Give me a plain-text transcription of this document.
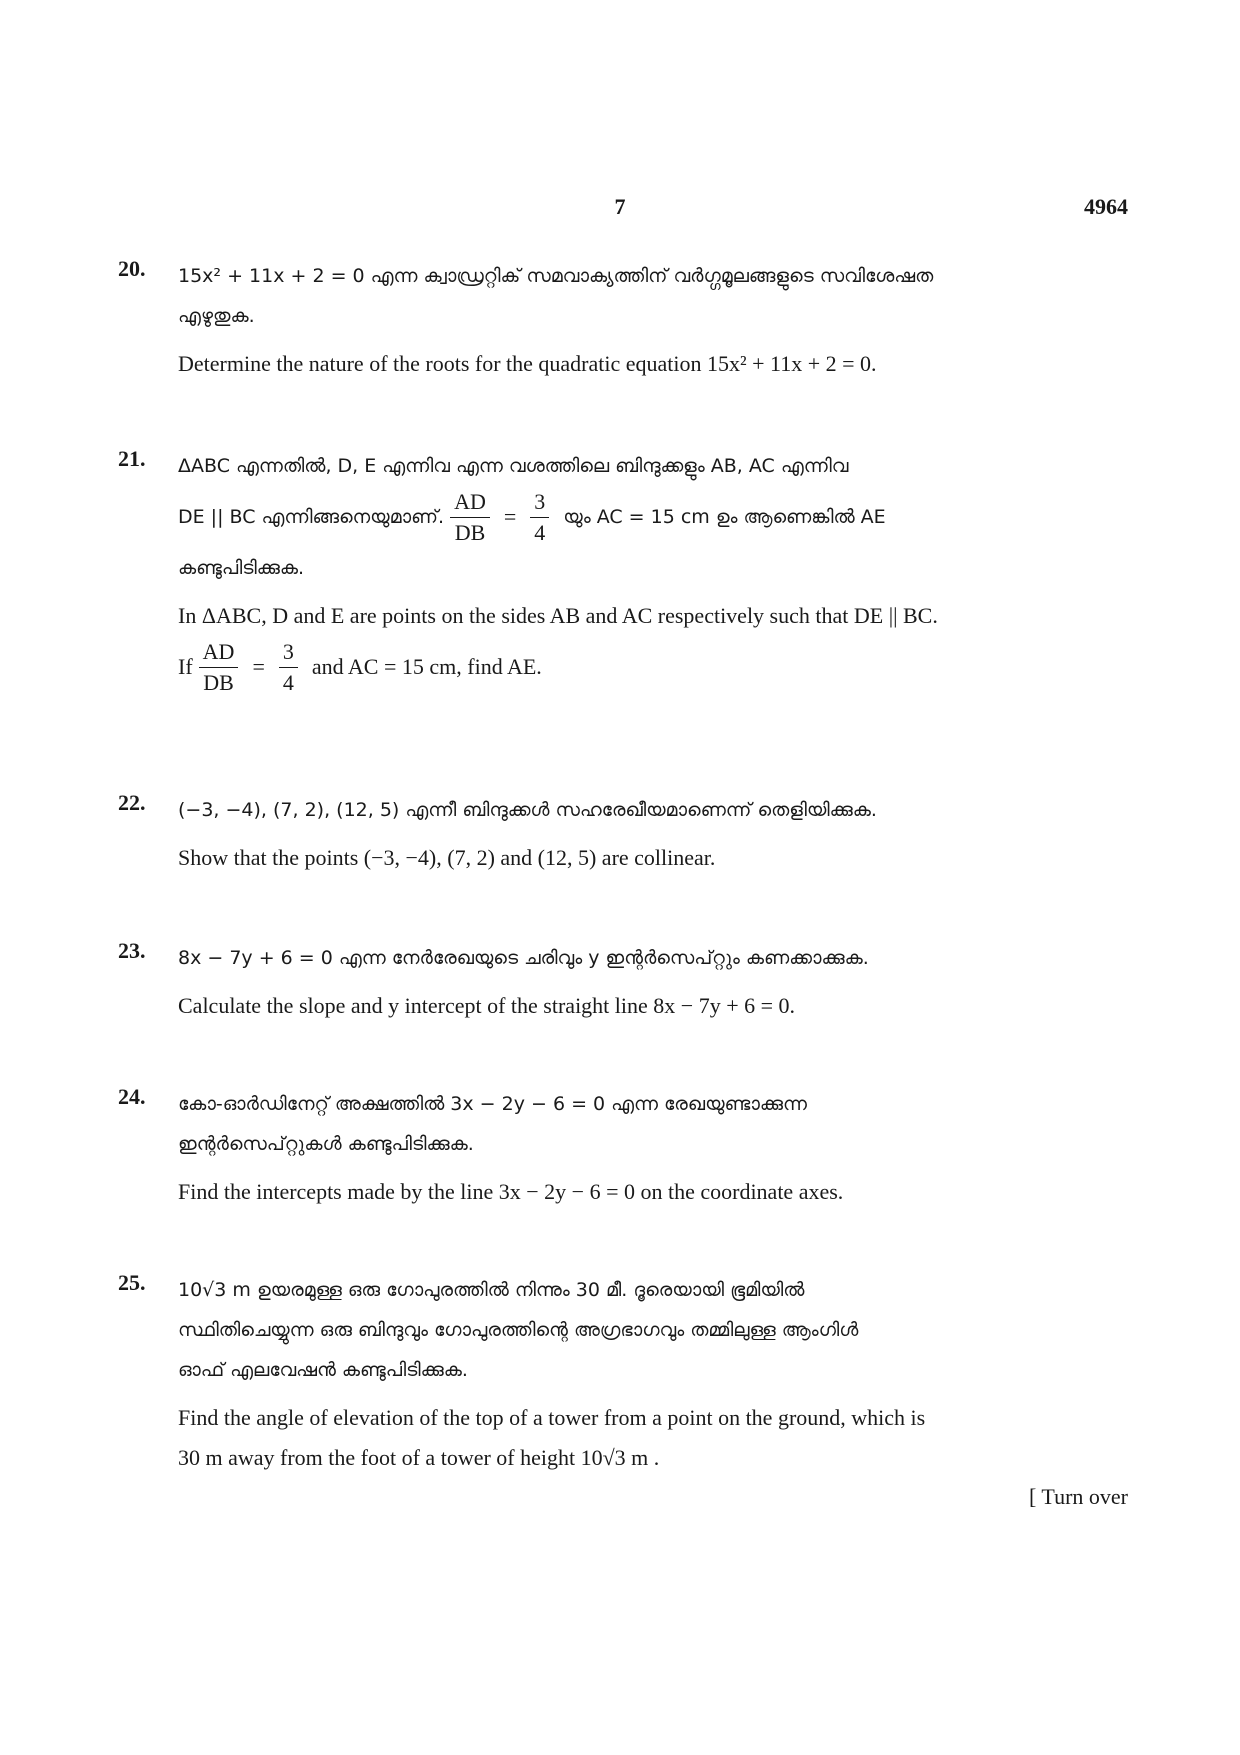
7	4964
20. 15x² + 11x + 2 = 0 എന്ന ക്വാഡ്രറ്റിക് സമവാക്യത്തിന് വർഗ്ഗമൂലങ്ങളുടെ സവിശേഷത

എഴുതുക.

Determine the nature of the roots for the quadratic equation 15x² + 11x + 2 = 0.

21. ΔABC എന്നതിൽ, D, E എന്നിവ എന്ന വശത്തിലെ ബിന്ദുക്കളും AB, AC എന്നിവ

DE || BC എന്നിങ്ങനെയുമാണ്. $\frac{AD}{DB} = \frac{3}{4}$ യും AC = 15 cm ഉം ആണെങ്കിൽ AE

കണ്ടുപിടിക്കുക.

In ΔABC, D and E are points on the sides AB and AC respectively such that DE || BC.

If $\frac{AD}{DB} = \frac{3}{4}$ and AC = 15 cm, find AE.
22. (−3, −4), (7, 2), (12, 5) എന്നീ ബിന്ദുക്കൾ സഹരേഖീയമാണെന്ന് തെളിയിക്കുക.

Show that the points (−3, −4), (7, 2) and (12, 5) are collinear.

23. 8x − 7y + 6 = 0 എന്ന നേർരേഖയുടെ ചരിവും y ഇന്റർസെപ്റ്റും കണക്കാക്കുക.

Calculate the slope and y intercept of the straight line 8x − 7y + 6 = 0.

24. കോ-ഓർഡിനേറ്റ് അക്ഷത്തിൽ 3x − 2y − 6 = 0 എന്ന രേഖയുണ്ടാക്കുന്ന

ഇന്റർസെപ്റ്റുകൾ കണ്ടുപിടിക്കുക.

Find the intercepts made by the line 3x − 2y − 6 = 0 on the coordinate axes.

25. 10√3 m ഉയരമുള്ള ഒരു ഗോപുരത്തിൽ നിന്നും 30 മീ. ദൂരെയായി ഭൂമിയിൽ

സ്ഥിതിചെയ്യുന്ന ഒരു ബിന്ദുവും ഗോപുരത്തിന്റെ അഗ്രഭാഗവും തമ്മിലുള്ള ആംഗിൾ

ഓഫ് എലവേഷൻ കണ്ടുപിടിക്കുക.

Find the angle of elevation of the top of a tower from a point on the ground, which is

30 m away from the foot of a tower of height 10√3 m .

[ Turn over
